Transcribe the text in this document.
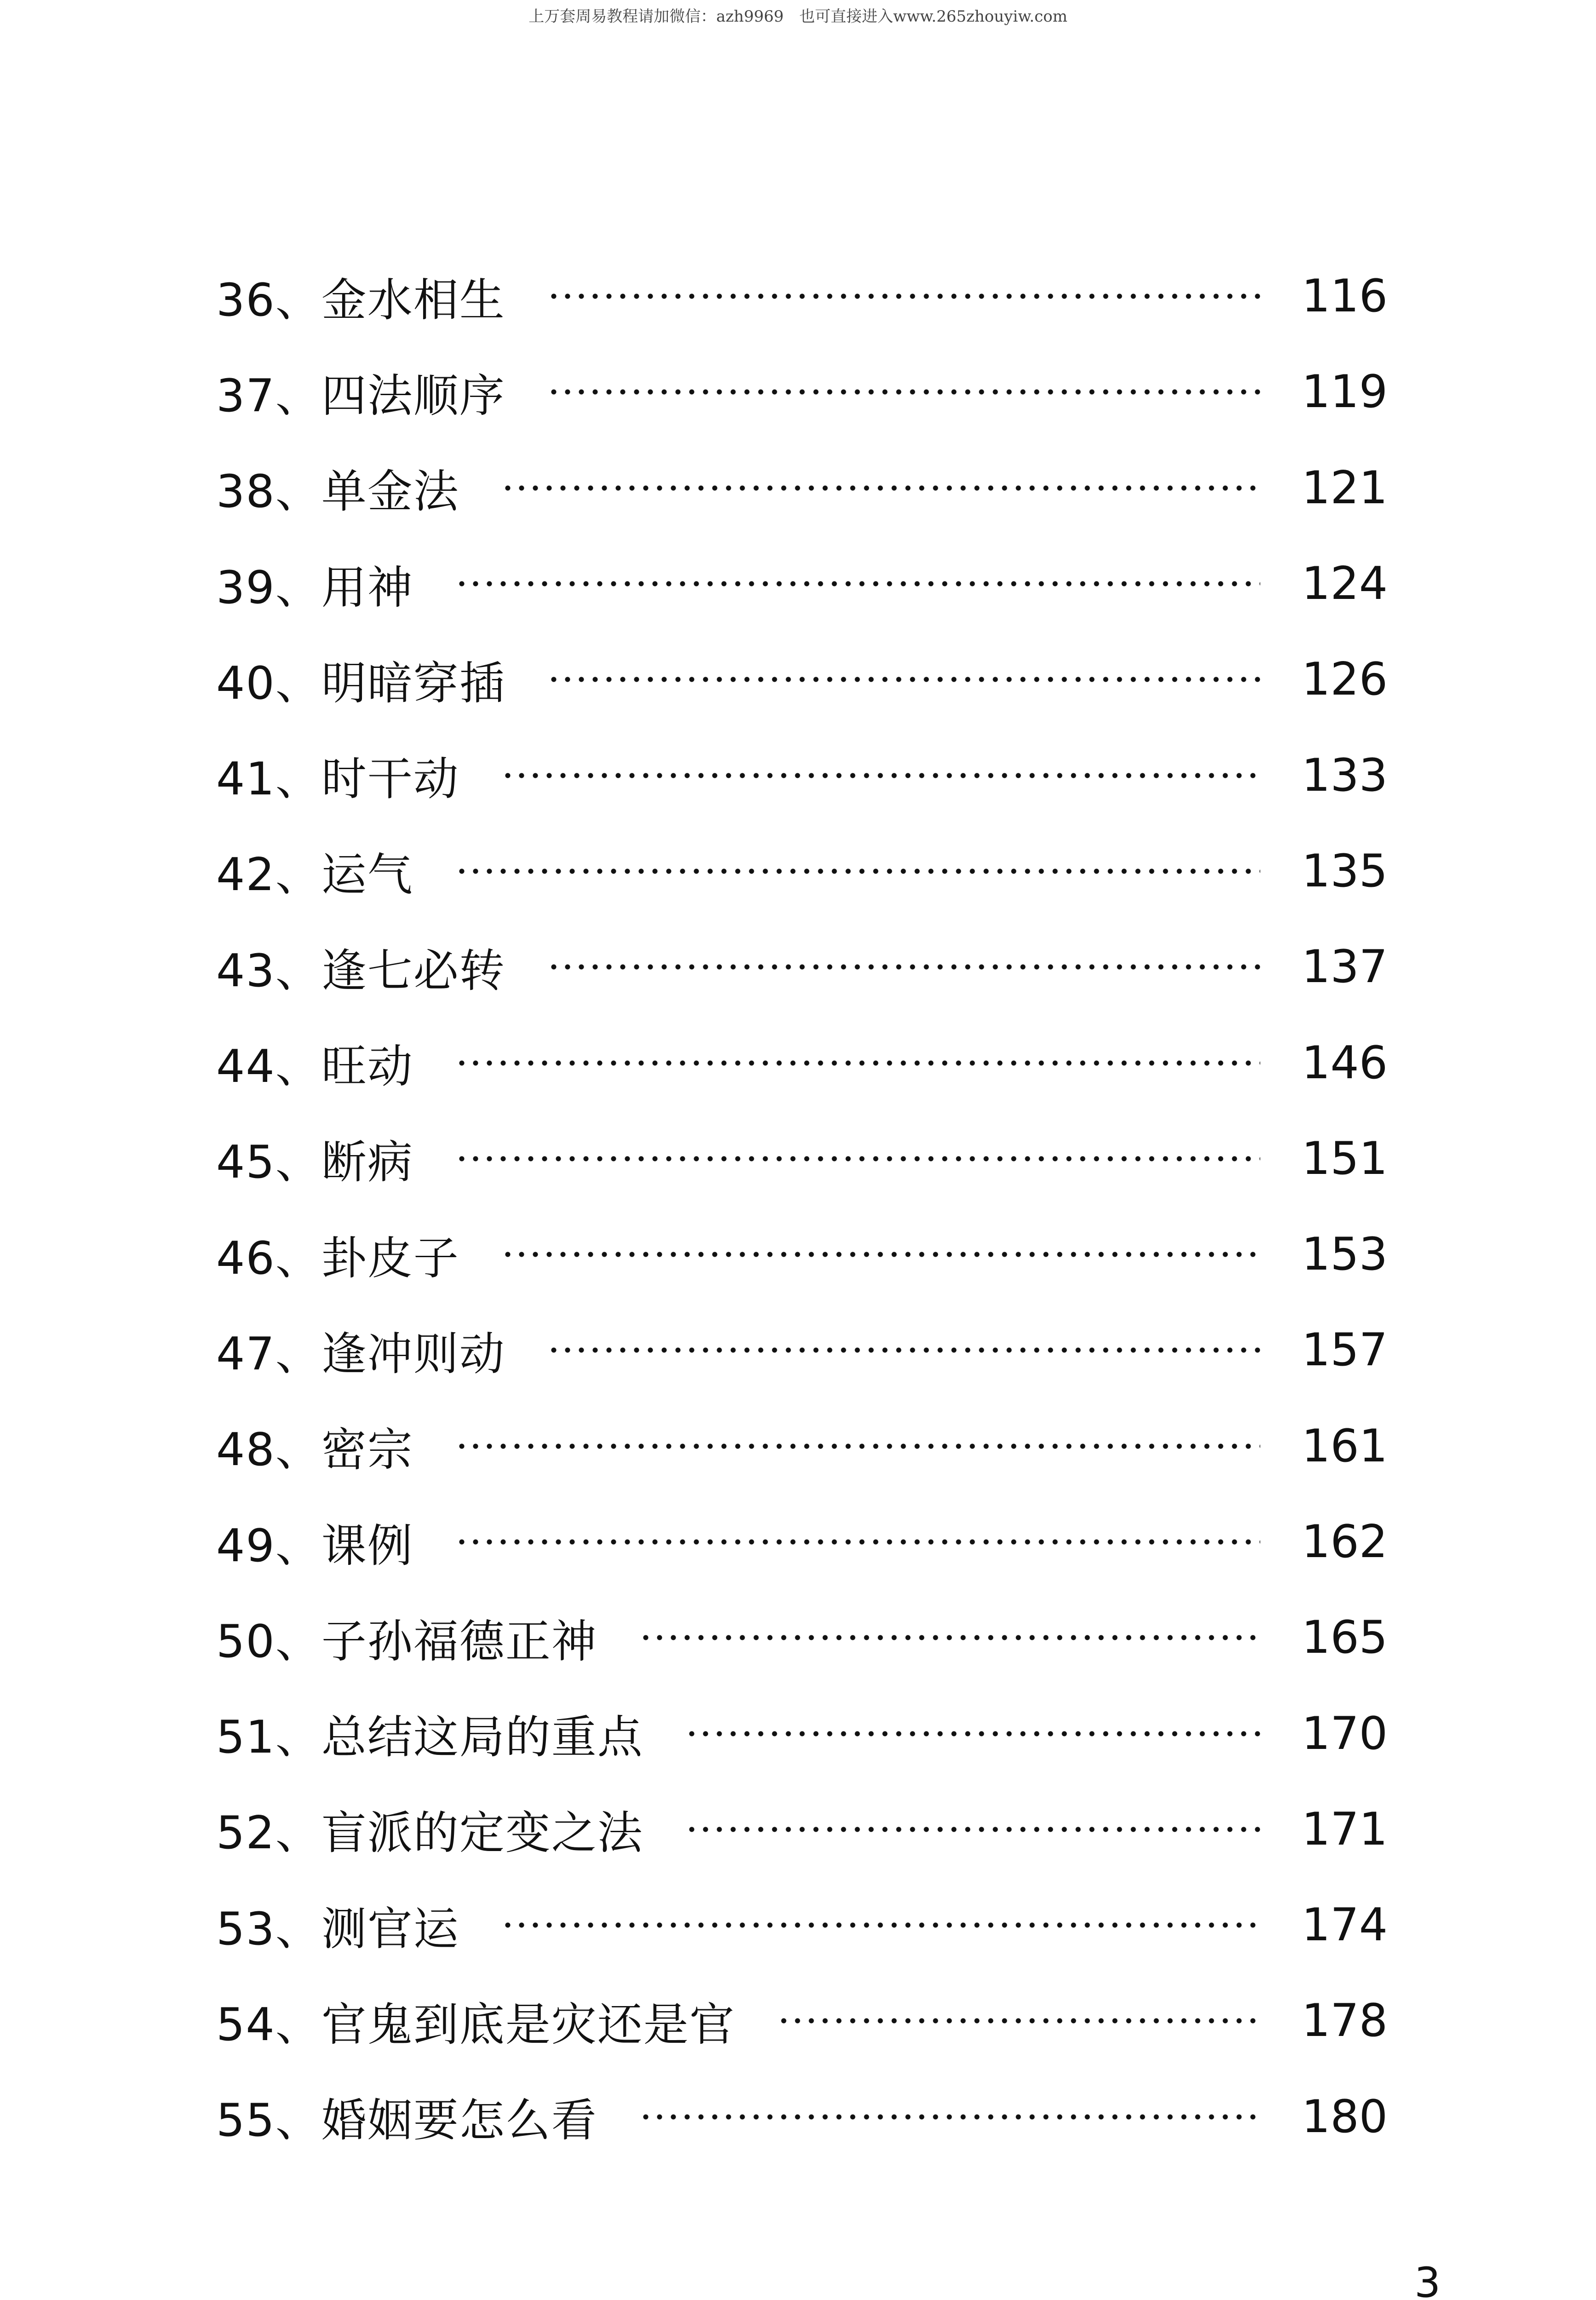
上万套周易教程请加微信：azh9969　也可直接进入www.265zhouyiw.com
36、金水相生	116
37、四法顺序	119
38、单金法	121
39、用神	124
40、明暗穿插	126
41、时干动	133
42、运气	135
43、逢七必转	137
44、旺动	146
45、断病	151
46、卦皮子	153
47、逢冲则动	157
48、密宗	161
49、课例	162
50、子孙福德正神	165
51、总结这局的重点	170
52、盲派的定变之法	171
53、测官运	174
54、官鬼到底是灾还是官	178
55、婚姻要怎么看	180
3
